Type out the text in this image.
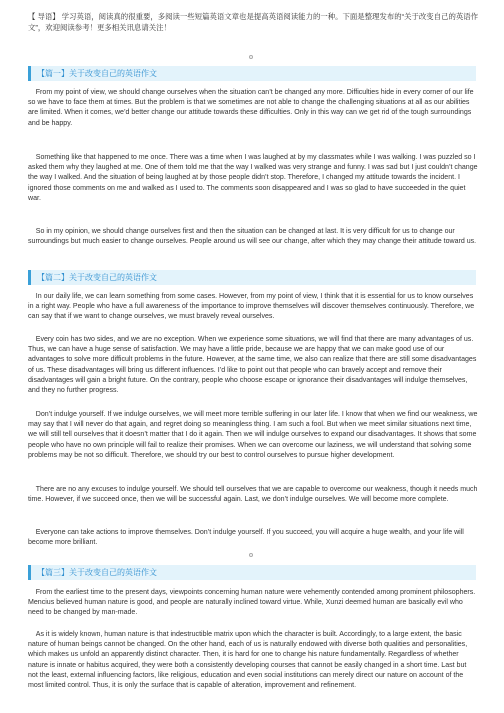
【 导语】 学习英语，阅读真的很重要，多阅读一些短篇英语文章也是提高英语阅读能力的一种。下面是整理发布的“关于改变自己的英语作文”，欢迎阅读参考！更多相关讯息请关注！
【篇一】关于改变自己的英语作文

From my point of view, we should change ourselves when the situation can’t be changed any more. Difficulties hide in every corner of our life so we have to face them at times. But the problem is that we sometimes are not able to change the challenging situations at all as our abilities are limited. When it comes, we’d better change our attitude towards these difficulties. Only in this way can we get rid of the tough surroundings and be happy.

Something like that happened to me once. There was a time when I was laughed at by my classmates while I was walking. I was puzzled so I asked them why they laughed at me. One of them told me that the way I walked was very strange and funny. I was sad but I just couldn’t change the way I walked. And the situation of being laughed at by those people didn’t stop. Therefore, I changed my attitude towards the incident. I ignored those comments on me and walked as I used to. The comments soon disappeared and I was so glad to have succeeded in the quiet war.

So in my opinion, we should change ourselves first and then the situation can be changed at last. It is very difficult for us to change our surroundings but much easier to change ourselves. People around us will see our change, after which they may change their attitude toward us.

【篇二】关于改变自己的英语作文

In our daily life, we can learn something from some cases. However, from my point of view, I think that it is essential for us to know ourselves in a right way. People who have a full awareness of the importance to improve themselves will discover themselves continuously. Therefore, we can say that if we want to change ourselves, we must bravely reveal ourselves.

Every coin has two sides, and we are no exception. When we experience some situations, we will find that there are many advantages of us. Thus, we can have a huge sense of satisfaction. We may have a little pride, because we are happy that we can make good use of our advantages to solve more difficult problems in the future. However, at the same time, we also can realize that there are still some disadvantages of us. These disadvantages will bring us different influences. I’d like to point out that people who can bravely accept and remove their disadvantages will gain a bright future. On the contrary, people who choose escape or ignorance their disadvantages will indulge themselves, and they no further progress.

Don’t indulge yourself. If we indulge ourselves, we will meet more terrible suffering in our later life. I know that when we find our weakness, we may say that I will never do that again, and regret doing so meaningless thing. I am such a fool. But when we meet similar situations next time, we will still tell ourselves that it doesn’t matter that I do it again. Then we will indulge ourselves to expand our disadvantages. It shows that some people who have no own principle will fail to realize their promises. When we can overcome our laziness, we will understand that solving some problems may be not so difficult. Therefore, we should try our best to control ourselves to pursue higher development.

There are no any excuses to indulge yourself. We should tell ourselves that we are capable to overcome our weakness, though it needs much time. However, if we succeed once, then we will be successful again. Last, we don’t indulge ourselves. We will become more complete.

Everyone can take actions to improve themselves. Don’t indulge yourself. If you succeed, you will acquire a huge wealth, and your life will become more brilliant.

【篇三】关于改变自己的英语作文

From the earliest time to the present days, viewpoints concerning human nature were vehemently contended among prominent philosophers. Mencius believed human nature is good, and people are naturally inclined toward virtue. While, Xunzi deemed human are basically evil who need to be changed by man-made.

As it is widely known, human nature is that indestructible matrix upon which the character is built. Accordingly, to a large extent, the basic nature of human beings cannot be changed. On the other hand, each of us is naturally endowed with diverse both qualities and personalities, which makes us unfold an apparently distinct character. Then, it is hard for one to change his nature fundamentally. Regardless of whether nature is innate or habitus acquired, they were both a consistently developing courses that cannot be easily changed in a short time. Last but not the least, external influencing factors, like religious, education and even social institutions can merely direct our nature on account of the most limited control. Thus, it is only the surface that is capable of alteration, improvement and refinement.
